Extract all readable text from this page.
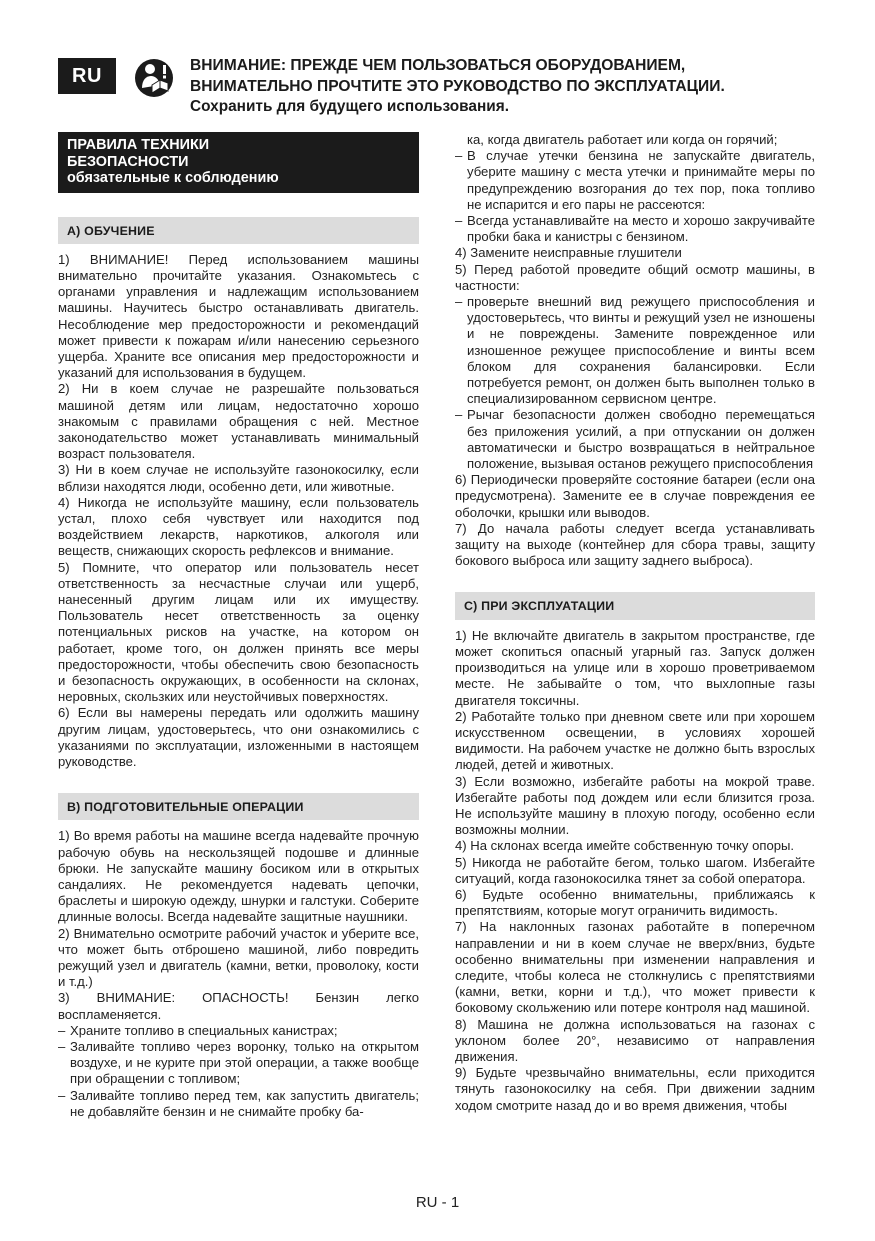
RU	ВНИМАНИЕ: ПРЕЖДЕ ЧЕМ ПОЛЬЗОВАТЬСЯ ОБОРУДОВАНИЕМ,
ВНИМАТЕЛЬНО ПРОЧТИТЕ ЭТО РУКОВОДСТВО ПО ЭКСПЛУАТАЦИИ.
Сохранить для будущего использования.
ПРАВИЛА ТЕХНИКИ
БЕЗОПАСНОСТИ
обязательные к соблюдению
A) ОБУЧЕНИЕ

1) ВНИМАНИЕ! Перед использованием машины внимательно прочитайте указания. Ознакомьтесь с органами управления и надлежащим использованием машины. Научитесь быстро останавливать двигатель. Несоблюдение мер предосторожности и рекомендаций может привести к пожарам и/или нанесению серьезного ущерба. Храните все описания мер предосторожности и указаний для использования в будущем.

2) Ни в коем случае не разрешайте пользоваться машиной детям или лицам, недостаточно хорошо знакомым с правилами обращения с ней. Местное законодательство может устанавливать минимальный возраст пользователя.

3) Ни в коем случае не используйте газонокосилку, если вблизи находятся люди, особенно дети, или животные.

4) Никогда не используйте машину, если пользователь устал, плохо себя чувствует или находится под воздействием лекарств, наркотиков, алкоголя или веществ, снижающих скорость рефлексов и внимание.

5) Помните, что оператор или пользователь несет ответственность за несчастные случаи или ущерб, нанесенный другим лицам или их имуществу. Пользователь несет ответственность за оценку потенциальных рисков на участке, на котором он работает, кроме того, он должен принять все меры предосторожности, чтобы обеспечить свою безопасность и безопасность окружающих, в особенности на склонах, неровных, скользких или неустойчивых поверхностях.

6) Если вы намерены передать или одолжить машину другим лицам, удостоверьтесь, что они ознакомились с указаниями по эксплуатации, изложенными в настоящем руководстве.

B) ПОДГОТОВИТЕЛЬНЫЕ ОПЕРАЦИИ

1) Во время работы на машине всегда надевайте прочную рабочую обувь на нескользящей подошве и длинные брюки. Не запускайте машину босиком или в открытых сандалиях. Не рекомендуется надевать цепочки, браслеты и широкую одежду, шнурки и галстуки. Соберите длинные волосы. Всегда надевайте защитные наушники.

2) Внимательно осмотрите рабочий участок и уберите все, что может быть отброшено машиной, либо повредить режущий узел и двигатель (камни, ветки, проволоку, кости и т.д.)

3) ВНИМАНИЕ: ОПАСНОСТЬ! Бензин легко воспламеняется.

– Храните топливо в специальных канистрах;
– Заливайте топливо через воронку, только на открытом воздухе, и не курите при этой операции, а также вообще при обращении с топливом;
– Заливайте топливо перед тем, как запустить двигатель; не добавляйте бензин и не снимайте пробку ба-
ка, когда двигатель работает или когда он горячий;
– В случае утечки бензина не запускайте двигатель, уберите машину с места утечки и принимайте меры по предупреждению возгорания до тех пор, пока топливо не испарится и его пары не рассеются:
– Всегда устанавливайте на место и хорошо закручивайте пробки бака и канистры с бензином.

4) Замените неисправные глушители

5) Перед работой проведите общий осмотр машины, в частности:

– проверьте внешний вид режущего приспособления и удостоверьтесь, что винты и режущий узел не изношены и не повреждены. Замените поврежденное или изношенное режущее приспособление и винты всем блоком для сохранения балансировки. Если потребуется ремонт, он должен быть выполнен только в специализированном сервисном центре.
– Рычаг безопасности должен свободно перемещаться без приложения усилий, а при отпускании он должен автоматически и быстро возвращаться в нейтральное положение, вызывая останов режущего приспособления

6) Периодически проверяйте состояние батареи (если она предусмотрена). Замените ее в случае повреждения ее оболочки, крышки или выводов.

7) До начала работы следует всегда устанавливать защиту на выходе (контейнер для сбора травы, защиту бокового выброса или защиту заднего выброса).

C) ПРИ ЭКСПЛУАТАЦИИ

1) Не включайте двигатель в закрытом пространстве, где может скопиться опасный угарный газ. Запуск должен производиться на улице или в хорошо проветриваемом месте. Не забывайте о том, что выхлопные газы двигателя токсичны.

2) Работайте только при дневном свете или при хорошем искусственном освещении, в условиях хорошей видимости. На рабочем участке не должно быть взрослых людей, детей и животных.

3) Если возможно, избегайте работы на мокрой траве. Избегайте работы под дождем или если близится гроза. Не используйте машину в плохую погоду, особенно если возможны молнии.

4) На склонах всегда имейте собственную точку опоры.

5) Никогда не работайте бегом, только шагом. Избегайте ситуаций, когда газонокосилка тянет за собой оператора.

6) Будьте особенно внимательны, приближаясь к препятствиям, которые могут ограничить видимость.

7) На наклонных газонах работайте в поперечном направлении и ни в коем случае не вверх/вниз, будьте особенно внимательны при изменении направления и следите, чтобы колеса не столкнулись с препятствиями (камни, ветки, корни и т.д.), что может привести к боковому скольжению или потере контроля над машиной.

8) Машина не должна использоваться на газонах с уклоном более 20°, независимо от направления движения.

9) Будьте чрезвычайно внимательны, если приходится тянуть газонокосилку на себя. При движении задним ходом смотрите назад до и во время движения, чтобы

RU - 1
